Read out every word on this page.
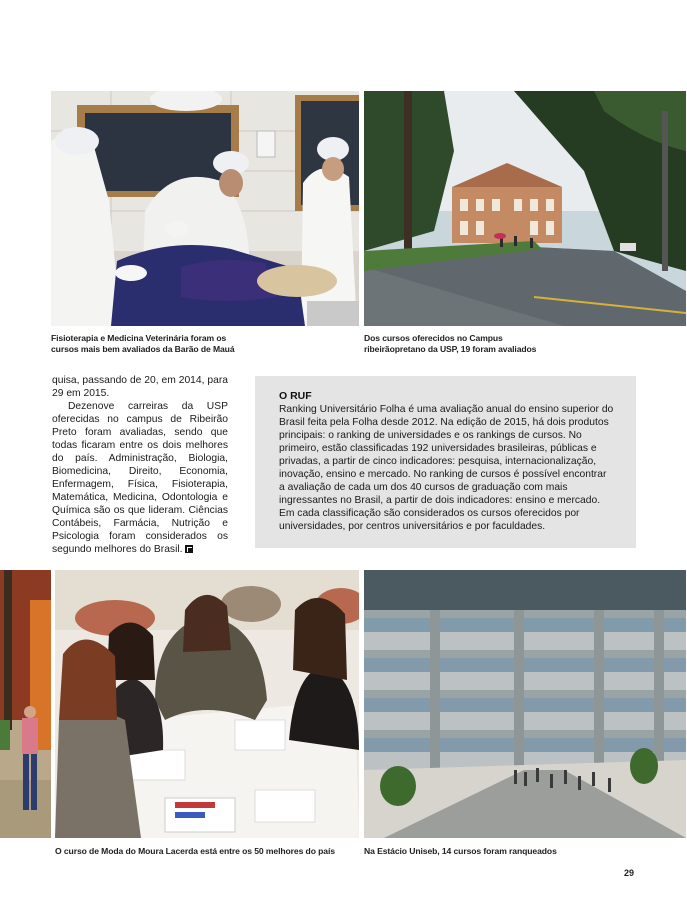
Fisioterapia e Medicina Veterinária foram os cursos mais bem avaliados da Barão de Mauá
Dos cursos oferecidos no Campus ribeirãopretano da USP, 19 foram avaliados

quisa, passando de 20, em 2014, para 29 em 2015.

Dezenove carreiras da USP oferecidas no campus de Ribeirão Preto foram avaliadas, sendo que todas ficaram entre os dois melhores do país. Administração, Biologia, Biomedicina, Direito, Economia, Enfermagem, Física, Fisioterapia, Matemática, Medicina, Odontologia e Química são os que lideram. Ciências Contábeis, Farmácia, Nutrição e Psicologia foram considerados os segundo melhores do Brasil.

O RUF

Ranking Universitário Folha é uma avaliação anual do ensino superior do Brasil feita pela Folha desde 2012. Na edição de 2015, há dois produtos principais: o ranking de universidades e os rankings de cursos. No primeiro, estão classificadas 192 universidades brasileiras, públicas e privadas, a partir de cinco indicadores: pesquisa, internacionalização, inovação, ensino e mercado. No ranking de cursos é possível encontrar a avaliação de cada um dos 40 cursos de graduação com mais ingressantes no Brasil, a partir de dois indicadores: ensino e mercado. Em cada classificação são considerados os cursos oferecidos por universidades, por centros universitários e por faculdades.

O curso de Moda do Moura Lacerda está entre os 50 melhores do país	Na Estácio Uniseb, 14 cursos foram ranqueados
29
